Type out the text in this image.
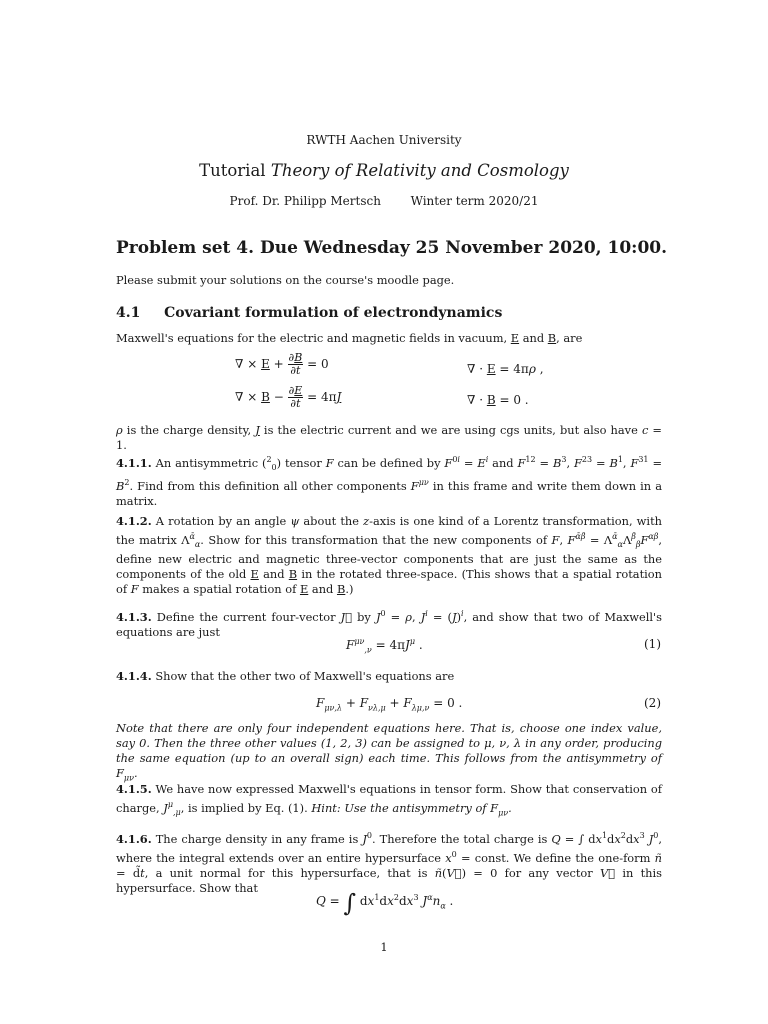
RWTH Aachen University
Tutorial Theory of Relativity and Cosmology
Prof. Dr. Philipp Mertsch Winter term 2020/21
Problem set 4. Due Wednesday 25 November 2020, 10:00.
Please submit your solutions on the course's moodle page.
4.1 Covariant formulation of electrondynamics
Maxwell's equations for the electric and magnetic fields in vacuum, E and B, are
∇ × $E + \frac{\partial B}{\partial t} = 0$	∇ · E = 4πρ ,
∇ × $B - \frac{\partial E}{\partial t} = 4\pi J$	∇ · B = 0 .
ρ is the charge density, J is the electric current and we are using cgs units, but also have c = 1.
4.1.1. An antisymmetric ($^2_0$) tensor F can be defined by $F^{0i} = E^i$ and $F^{12} = B^3$, $F^{23} = B^1$, $F^{31} = B^2$. Find from this definition all other components $F^{\mu\nu}$ in this frame and write them down in a matrix.
4.1.2. A rotation by an angle ψ about the z-axis is one kind of a Lorentz transformation, with the matrix $\Lambda^ᾱ_\alpha$. Show for this transformation that the new components of F, $F^{ᾱ\betā} = \Lambda^ᾱ_\alpha\Lambda^{\betā}_\beta F^{\alpha\beta}$, define new electric and magnetic three-vector components that are just the same as the components of the old E and B in the rotated three-space. (This shows that a spatial rotation of F makes a spatial rotation of E and B.)
4.1.3. Define the current four-vector J⃗ by $J^0 = \rho$, $J^i = (J)^i$, and show that two of Maxwell's equations are just
$F^{\mu\nu}_{,\nu} = 4\pi J^\mu$ .	(1)
4.1.4. Show that the other two of Maxwell's equations are
$F_{\mu\nu,\lambda} + F_{\nu\lambda,\mu} + F_{\lambda\mu,\nu} = 0$ .	(2)
Note that there are only four independent equations here. That is, choose one index value, say 0. Then the three other values (1, 2, 3) can be assigned to μ, ν, λ in any order, producing the same equation (up to an overall sign) each time. This follows from the antisymmetry of $F_{\mu\nu}$.
4.1.5. We have now expressed Maxwell's equations in tensor form. Show that conservation of charge, $J^\mu_{,\mu}$, is implied by Eq. (1). Hint: Use the antisymmetry of $F_{\mu\nu}$.
4.1.6. The charge density in any frame is $J^0$. Therefore the total charge is Q = ∫ $dx^1dx^2dx^3$ $J^0$, where the integral extends over an entire hypersurface $x^0$ = const. We define the one-form ñ = d̃t, a unit normal for this hypersurface, that is ñ(V⃗) = 0 for any vector V⃗ in this hypersurface. Show that
Q = ∫ $dx^1dx^2dx^3$ $J^\alpha n_\alpha$ .
1
